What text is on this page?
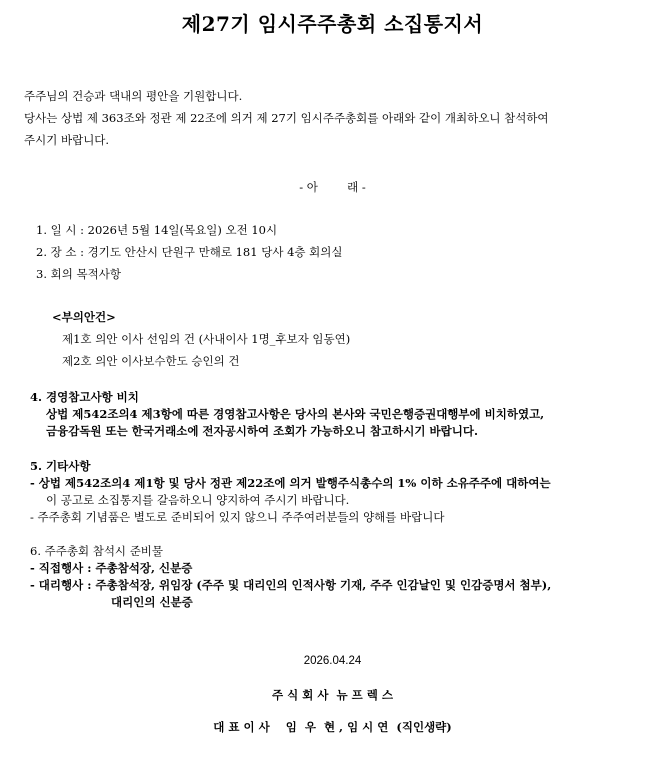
제27기 임시주주총회 소집통지서
주주님의 건승과 댁내의 평안을 기원합니다.
당사는 상법 제 363조와 정관 제 22조에 의거 제 27기 임시주주총회를 아래와 같이 개최하오니 참석하여
주시기 바랍니다.
- 아        래 -
1. 일 시 : 2026년 5월 14일(목요일) 오전 10시
2. 장 소 : 경기도 안산시 단원구 만해로 181 당사 4층 회의실
3. 회의 목적사항
<부의안건>
제1호 의안 이사 선임의 건 (사내이사 1명_후보자 임동연)
제2호 의안 이사보수한도 승인의 건
4. 경영참고사항 비치
상법 제542조의4 제3항에 따른 경영참고사항은 당사의 본사와 국민은행증권대행부에 비치하였고,
금융감독원 또는 한국거래소에 전자공시하여 조회가 가능하오니 참고하시기 바랍니다.
5. 기타사항
- 상법 제542조의4 제1항 및 당사 정관 제22조에 의거 발행주식총수의 1% 이하 소유주주에 대하여는
이 공고로 소집통지를 갈음하오니 양지하여 주시기 바랍니다.
- 주주총회 기념품은 별도로 준비되어 있지 않으니 주주여러분들의 양해를 바랍니다
6. 주주총회 참석시 준비물
- 직접행사 : 주총참석장, 신분증
- 대리행사 : 주총참석장, 위임장 (주주 및 대리인의 인적사항 기재, 주주 인감날인 및 인감증명서 첨부),
대리인의 신분증
2026.04.24
주 식 회 사  뉴 프 렉 스
대 표 이 사    임  우  현 , 임 시 연  (직인생략)
